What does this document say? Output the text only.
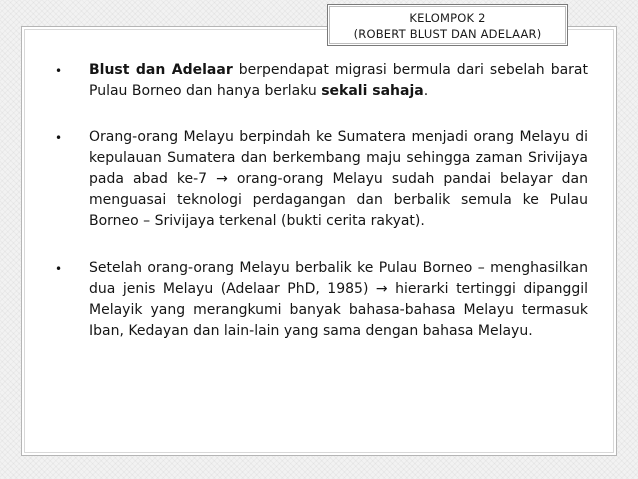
KELOMPOK 2
(ROBERT BLUST DAN ADELAAR)
• Blust dan Adelaar berpendapat migrasi bermula dari sebelah barat Pulau Borneo dan hanya berlaku sekali sahaja.

• Orang-orang Melayu berpindah ke Sumatera menjadi orang Melayu di kepulauan Sumatera dan berkembang maju sehingga zaman Srivijaya pada abad ke-7 → orang-orang Melayu sudah pandai belayar dan menguasai teknologi perdagangan dan berbalik semula ke Pulau Borneo – Srivijaya terkenal (bukti cerita rakyat).

• Setelah orang-orang Melayu berbalik ke Pulau Borneo – menghasilkan dua jenis Melayu (Adelaar PhD, 1985) → hierarki tertinggi dipanggil Melayik yang merangkumi banyak bahasa-bahasa Melayu termasuk Iban, Kedayan dan lain-lain yang sama dengan bahasa Melayu.
